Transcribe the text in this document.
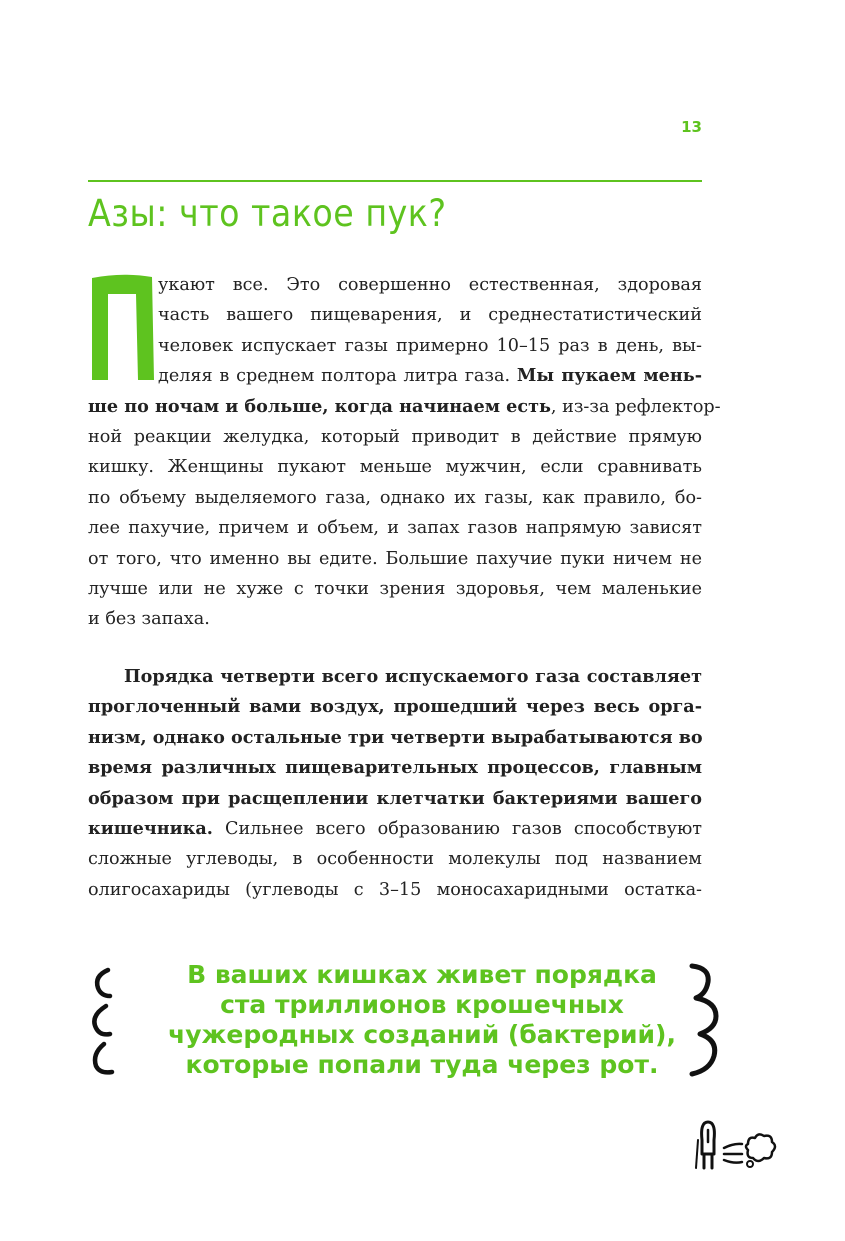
13
Азы: что такое пук?

укают все. Это совершенно естественная, здоровая
часть вашего пищеварения, и среднестатистический
человек испускает газы примерно 10–15 раз в день, вы-
деляя в среднем полтора литра газа. Мы пукаем мень-
ше по ночам и больше, когда начинаем есть, из-за рефлектор-
ной реакции желудка, который приводит в действие прямую
кишку. Женщины пукают меньше мужчин, если сравнивать
по объему выделяемого газа, однако их газы, как правило, бо-
лее пахучие, причем и объем, и запах газов напрямую зависят
от того, что именно вы едите. Большие пахучие пуки ничем не
лучше или не хуже с точки зрения здоровья, чем маленькие
и без запаха.

Порядка четверти всего испускаемого газа составляет
проглоченный вами воздух, прошедший через весь орга-
низм, однако остальные три четверти вырабатываются во
время различных пищеварительных процессов, главным
образом при расщеплении клетчатки бактериями вашего
кишечника. Сильнее всего образованию газов способствуют
сложные углеводы, в особенности молекулы под названием
олигосахариды (углеводы с 3–15 моносахаридными остатка-

В ваших кишках живет порядка
ста триллионов крошечных
чужеродных созданий (бактерий),
которые попали туда через рот.
